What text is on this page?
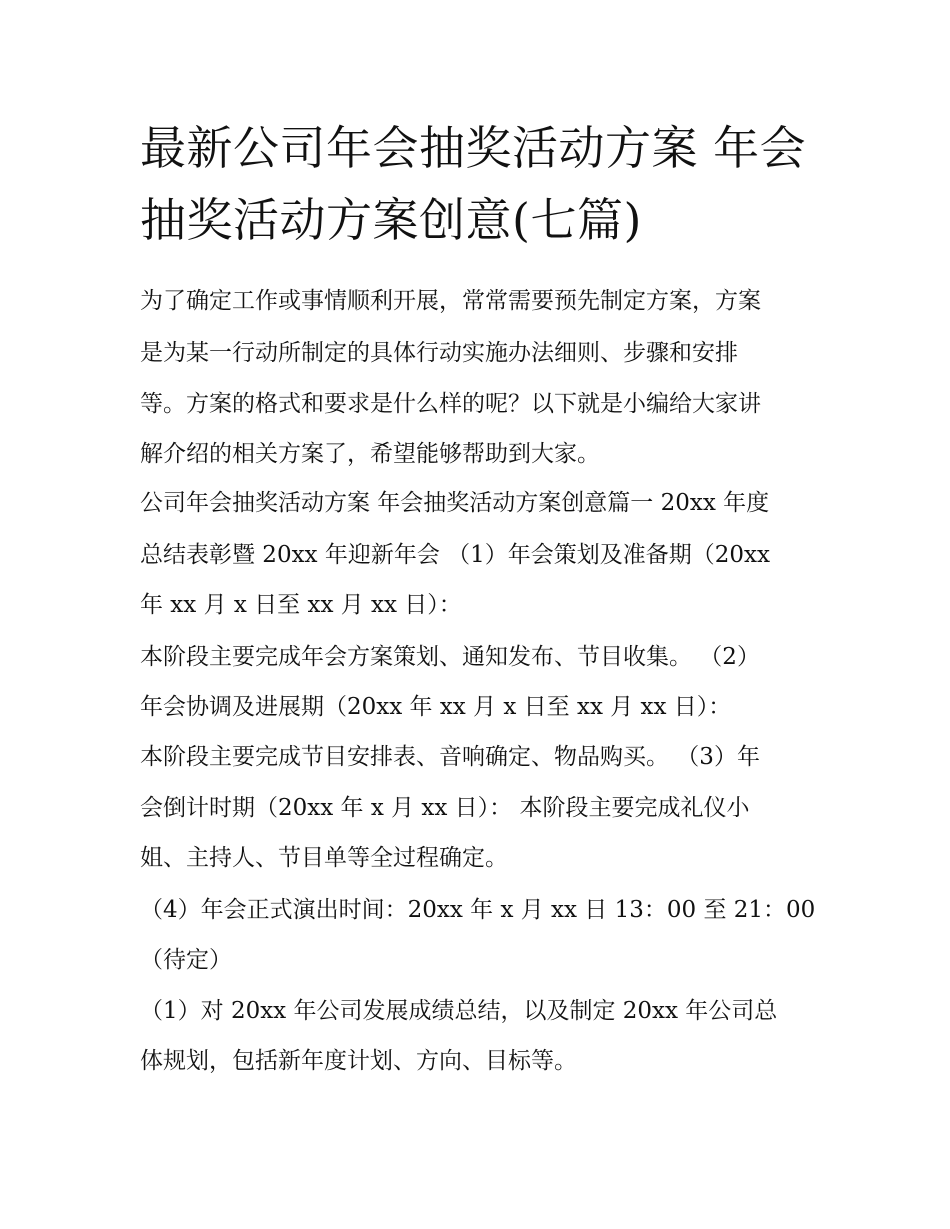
最新公司年会抽奖活动方案 年会抽奖活动方案创意(七篇)

为了确定工作或事情顺利开展，常常需要预先制定方案，方案

是为某一行动所制定的具体行动实施办法细则、步骤和安排

等。方案的格式和要求是什么样的呢？以下就是小编给大家讲

解介绍的相关方案了，希望能够帮助到大家。

公司年会抽奖活动方案 年会抽奖活动方案创意篇一 20xx 年度

总结表彰暨 20xx 年迎新年会 （1）年会策划及准备期（20xx

年 xx 月 x 日至 xx 月 xx 日）：

本阶段主要完成年会方案策划、通知发布、节目收集。 （2）

年会协调及进展期（20xx 年 xx 月 x 日至 xx 月 xx 日）：

本阶段主要完成节目安排表、音响确定、物品购买。 （3）年

会倒计时期（20xx 年 x 月 xx 日）： 本阶段主要完成礼仪小

姐、主持人、节目单等全过程确定。

（4）年会正式演出时间：20xx 年 x 月 xx 日 13：00 至 21：00

（待定）

（1）对 20xx 年公司发展成绩总结，以及制定 20xx 年公司总

体规划，包括新年度计划、方向、目标等。
